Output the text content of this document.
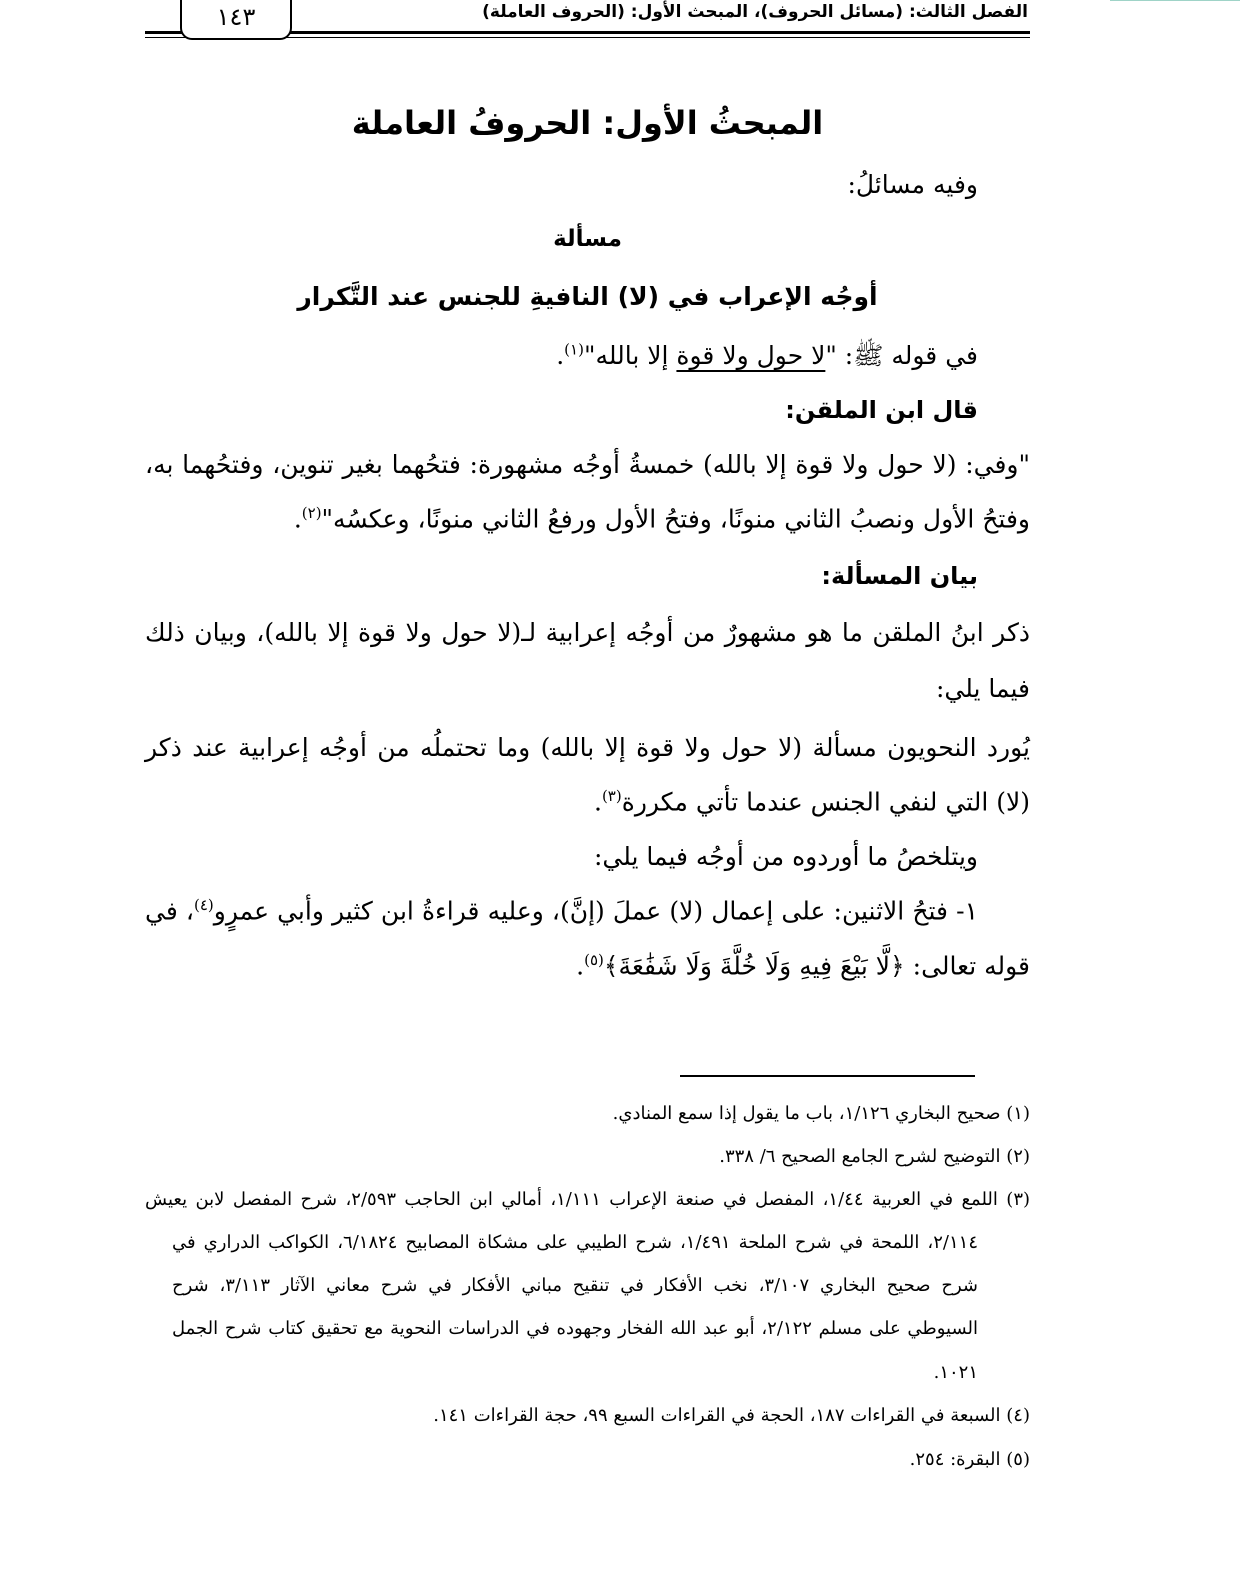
١٤٣	الفصل الثالث: (مسائل الحروف)، المبحث الأول: (الحروف العاملة)
المبحثُ الأول: الحروفُ العاملة
وفيه مسائلُ:
مسألة
أوجُه الإعراب في (لا) النافيةِ للجنس عند التَّكرار
في قوله ﷺ: "لا حول ولا قوة إلا بالله"$^{(١)}$.
قال ابن الملقن:
"وفي: (لا حول ولا قوة إلا بالله) خمسةُ أوجُه مشهورة: فتحُهما بغير تنوين، وفتحُهما به،
وفتحُ الأول ونصبُ الثاني منونًا، وفتحُ الأول ورفعُ الثاني منونًا، وعكسُه"$^{(٢)}$.
بيان المسألة:
ذكر ابنُ الملقن ما هو مشهورٌ من أوجُه إعرابية لـ(لا حول ولا قوة إلا بالله)، وبيان ذلك
فيما يلي:
يُورد النحويون مسألة (لا حول ولا قوة إلا بالله) وما تحتملُه من أوجُه إعرابية عند ذكر
(لا) التي لنفي الجنس عندما تأتي مكررة$^{(٣)}$.
ويتلخصُ ما أوردوه من أوجُه فيما يلي:
١- فتحُ الاثنين: على إعمال (لا) عملَ (إنَّ)، وعليه قراءةُ ابن كثير وأبي عمرٍو$^{(٤)}$، في
قوله تعالى: ﴿لَّا بَيْعَ فِيهِ وَلَا خُلَّةَ وَلَا شَفَٰعَةَ﴾$^{(٥)}$.
(١) صحيح البخاري ١/١٢٦، باب ما يقول إذا سمع المنادي.
(٢) التوضيح لشرح الجامع الصحيح ٦/ ٣٣٨.
(٣) اللمع في العربية ١/٤٤، المفصل في صنعة الإعراب ١/١١١، أمالي ابن الحاجب ٢/٥٩٣، شرح المفصل لابن يعيش
٢/١١٤، اللمحة في شرح الملحة ١/٤٩١، شرح الطيبي على مشكاة المصابيح ٦/١٨٢٤، الكواكب الدراري في
شرح صحيح البخاري ٣/١٠٧، نخب الأفكار في تنقيح مباني الأفكار في شرح معاني الآثار ٣/١١٣، شرح
السيوطي على مسلم ٢/١٢٢، أبو عبد الله الفخار وجهوده في الدراسات النحوية مع تحقيق كتاب شرح الجمل
١٠٢١.
(٤) السبعة في القراءات ١٨٧، الحجة في القراءات السبع ٩٩، حجة القراءات ١٤١.
(٥) البقرة: ٢٥٤.
